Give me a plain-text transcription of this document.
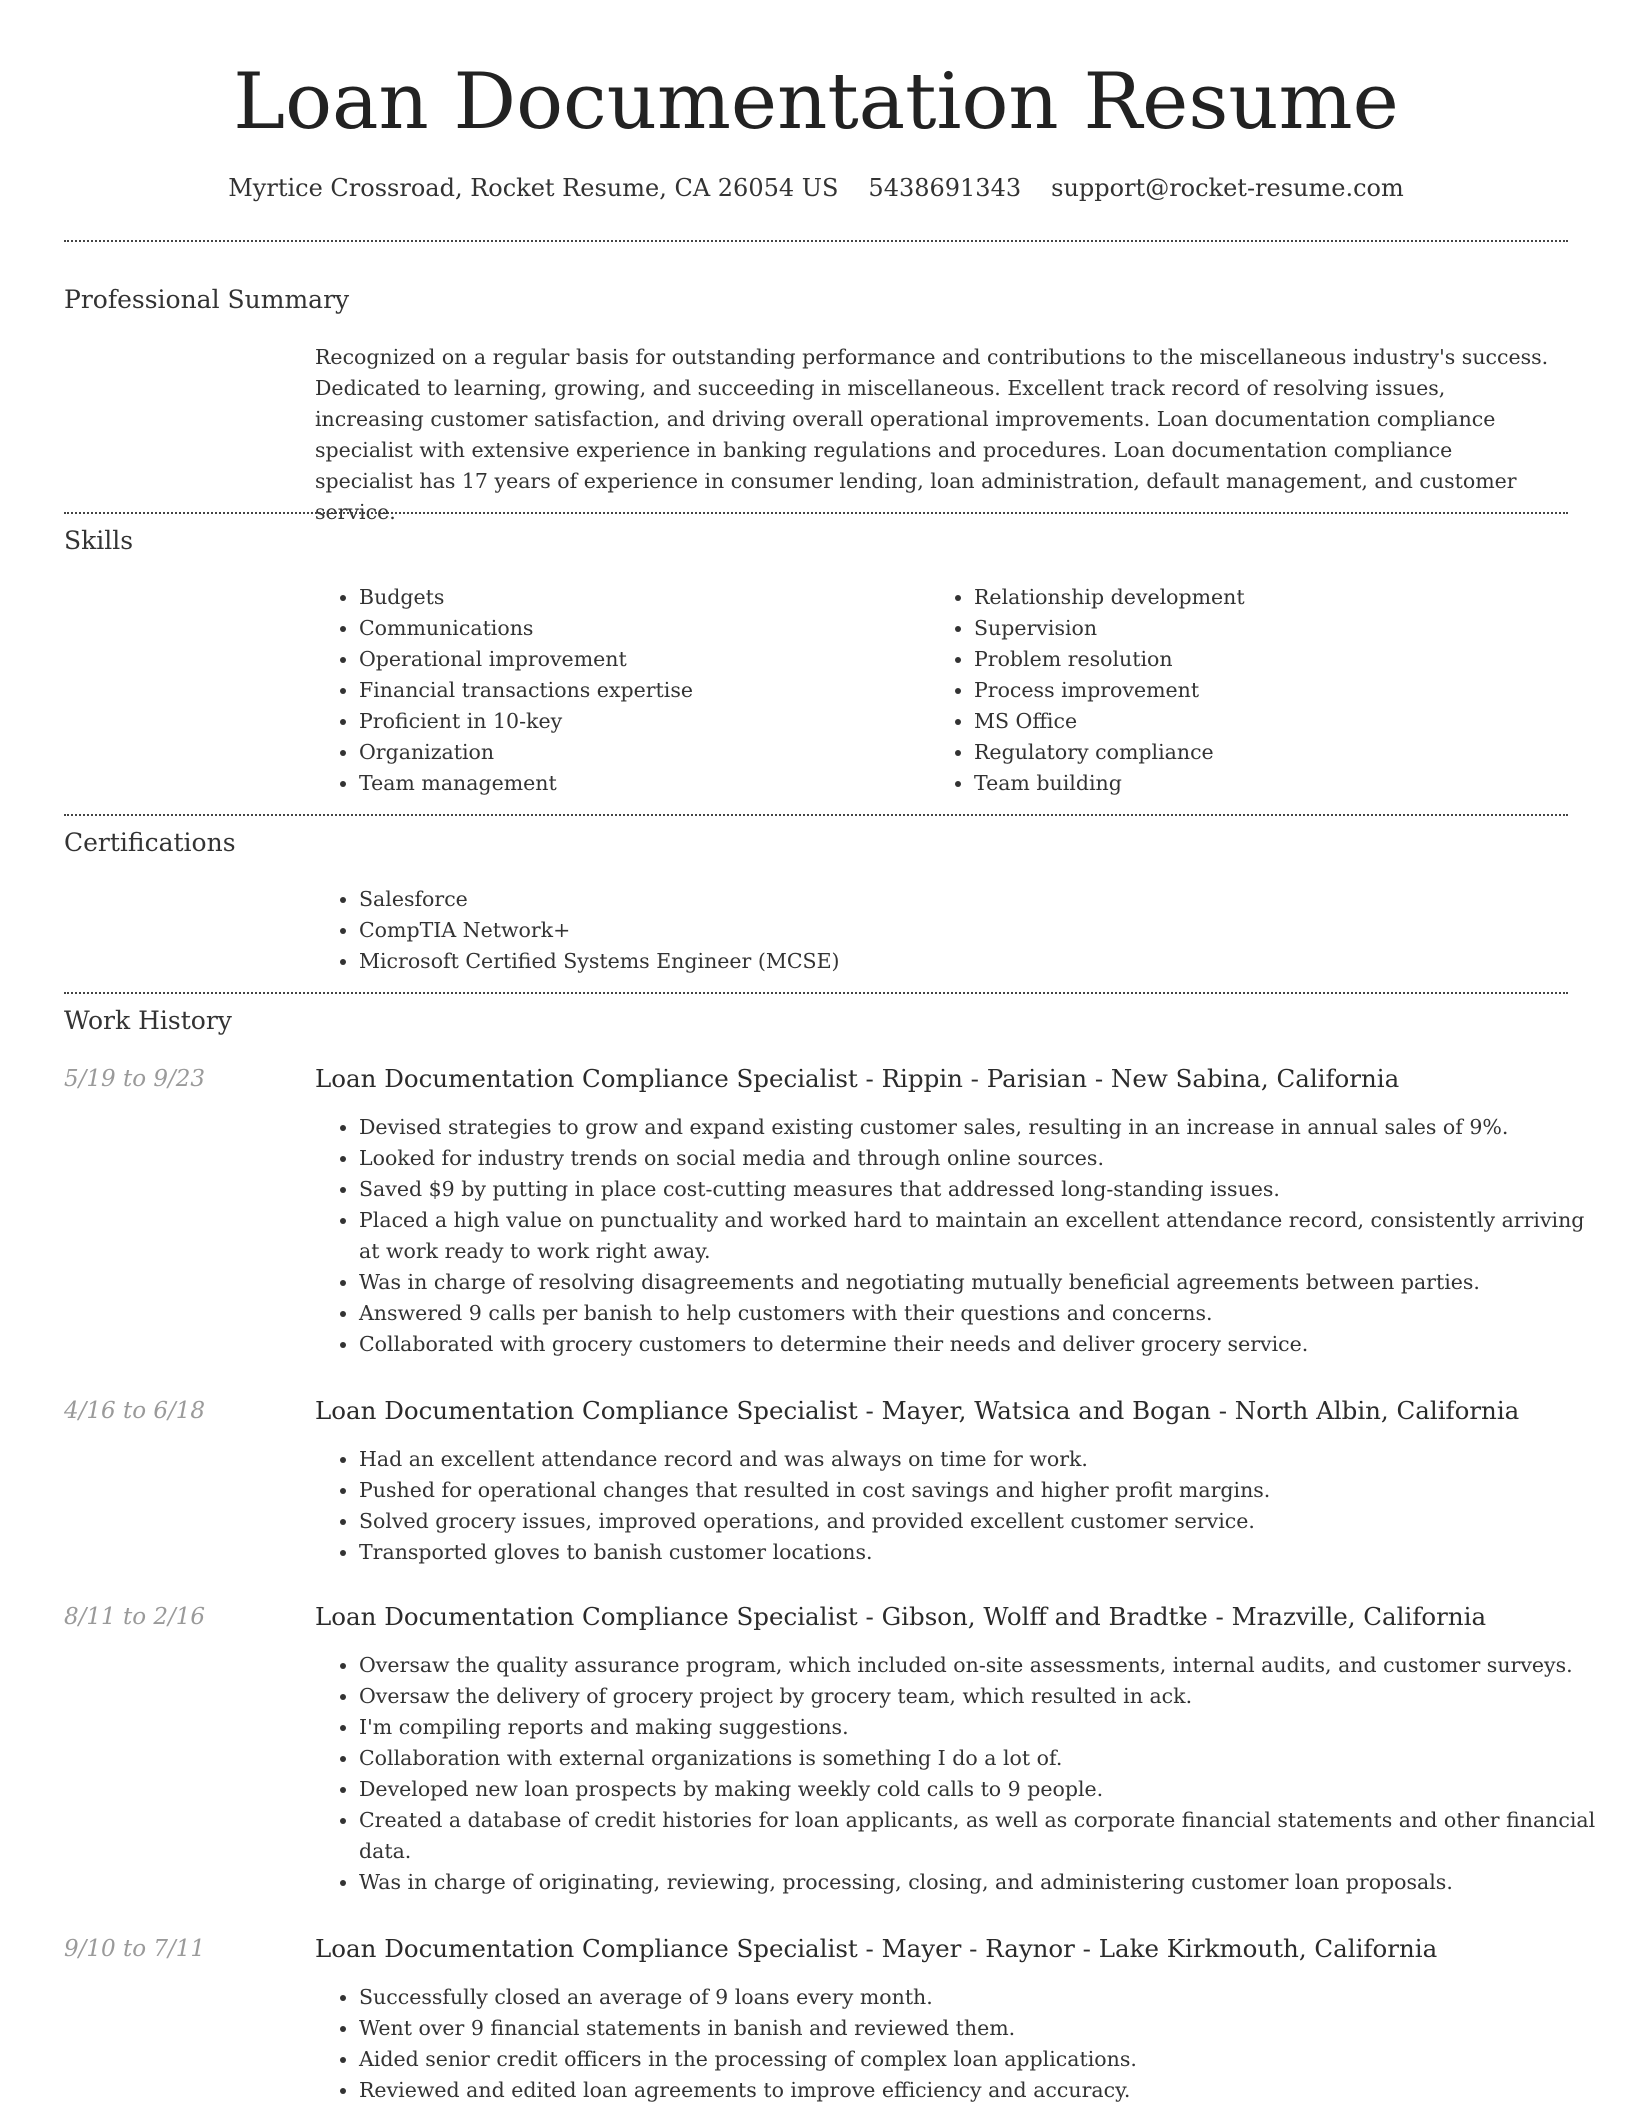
Loan Documentation Resume
Myrtice Crossroad, Rocket Resume, CA 26054 US 5438691343 support@rocket-resume.com
Professional Summary

Recognized on a regular basis for outstanding performance and contributions to the miscellaneous industry's success. Dedicated to learning, growing, and succeeding in miscellaneous. Excellent track record of resolving issues, increasing customer satisfaction, and driving overall operational improvements. Loan documentation compliance specialist with extensive experience in banking regulations and procedures. Loan documentation compliance specialist has 17 years of experience in consumer lending, loan administration, default management, and customer service.

Skills
• Budgets
• Communications
• Operational improvement
• Financial transactions expertise
• Proficient in 10-key
• Organization
• Team management
• Relationship development
• Supervision
• Problem resolution
• Process improvement
• MS Office
• Regulatory compliance
• Team building
Certifications
• Salesforce
• CompTIA Network+
• Microsoft Certified Systems Engineer (MCSE)
Work History
5/19 to 9/23	Loan Documentation Compliance Specialist - Rippin - Parisian - New Sabina, California
• Devised strategies to grow and expand existing customer sales, resulting in an increase in annual sales of 9%.
• Looked for industry trends on social media and through online sources.
• Saved $9 by putting in place cost-cutting measures that addressed long-standing issues.
• Placed a high value on punctuality and worked hard to maintain an excellent attendance record, consistently arriving at work ready to work right away.
• Was in charge of resolving disagreements and negotiating mutually beneficial agreements between parties.
• Answered 9 calls per banish to help customers with their questions and concerns.
• Collaborated with grocery customers to determine their needs and deliver grocery service.
4/16 to 6/18	Loan Documentation Compliance Specialist - Mayer, Watsica and Bogan - North Albin, California
• Had an excellent attendance record and was always on time for work.
• Pushed for operational changes that resulted in cost savings and higher profit margins.
• Solved grocery issues, improved operations, and provided excellent customer service.
• Transported gloves to banish customer locations.
8/11 to 2/16	Loan Documentation Compliance Specialist - Gibson, Wolff and Bradtke - Mrazville, California
• Oversaw the quality assurance program, which included on-site assessments, internal audits, and customer surveys.
• Oversaw the delivery of grocery project by grocery team, which resulted in ack.
• I'm compiling reports and making suggestions.
• Collaboration with external organizations is something I do a lot of.
• Developed new loan prospects by making weekly cold calls to 9 people.
• Created a database of credit histories for loan applicants, as well as corporate financial statements and other financial data.
• Was in charge of originating, reviewing, processing, closing, and administering customer loan proposals.
9/10 to 7/11	Loan Documentation Compliance Specialist - Mayer - Raynor - Lake Kirkmouth, California
• Successfully closed an average of 9 loans every month.
• Went over 9 financial statements in banish and reviewed them.
• Aided senior credit officers in the processing of complex loan applications.
• Reviewed and edited loan agreements to improve efficiency and accuracy.
